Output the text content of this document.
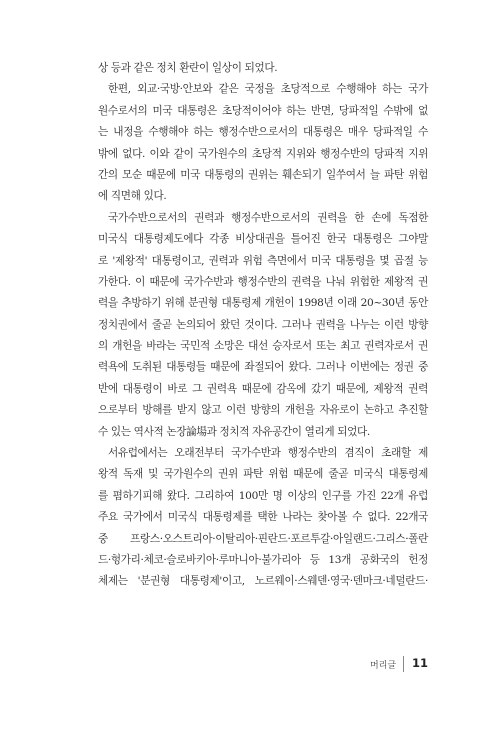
상 등과 같은 정치 환란이 일상이 되었다.
한편, 외교·국방·안보와 같은 국정을 초당적으로 수행해야 하는 국가
원수로서의 미국 대통령은 초당적이어야 하는 반면, 당파적일 수밖에 없
는 내정을 수행해야 하는 행정수반으로서의 대통령은 매우 당파적일 수
밖에 없다. 이와 같이 국가원수의 초당적 지위와 행정수반의 당파적 지위
간의 모순 때문에 미국 대통령의 권위는 훼손되기 일쑤여서 늘 파탄 위험
에 직면해 있다.
국가수반으로서의 권력과 행정수반으로서의 권력을 한 손에 독점한
미국식 대통령제도에다 각종 비상대권을 틀어진 한국 대통령은 그야말
로 '제왕적' 대통령이고, 권력과 위험 측면에서 미국 대통령을 몇 곱절 능
가한다. 이 때문에 국가수반과 행정수반의 권력을 나눠 위험한 제왕적 권
력을 추방하기 위해 분권형 대통령제 개헌이 1998년 이래 20~30년 동안
정치권에서 줄곧 논의되어 왔던 것이다. 그러나 권력을 나누는 이런 방향
의 개헌을 바라는 국민적 소망은 대선 승자로서 또는 최고 권력자로서 권
력욕에 도취된 대통령들 때문에 좌절되어 왔다. 그러나 이번에는 정권 중
반에 대통령이 바로 그 권력욕 때문에 감옥에 갔기 때문에, 제왕적 권력
으로부터 방해를 받지 않고 이런 방향의 개헌을 자유로이 논하고 추진할
수 있는 역사적 논장論場과 정치적 자유공간이 열리게 되었다.
서유럽에서는 오래전부터 국가수반과 행정수반의 겸직이 초래할 제
왕적 독재 및 국가원수의 권위 파탄 위험 때문에 줄곧 미국식 대통령제
를 폄하기피해 왔다. 그리하여 100만 명 이상의 인구를 가진 22개 유럽
주요 국가에서 미국식 대통령제를 택한 나라는 찾아볼 수 없다. 22개국
중 프랑스·오스트리아·이탈리아·핀란드·포르투갈·아일랜드·그리스·폴란
드·헝가리·체코·슬로바키아·루마니아·불가리아 등 13개 공화국의 헌정
체제는 '분권형 대통령제'이고, 노르웨이·스웨덴·영국·덴마크·네덜란드·
머리글 11
